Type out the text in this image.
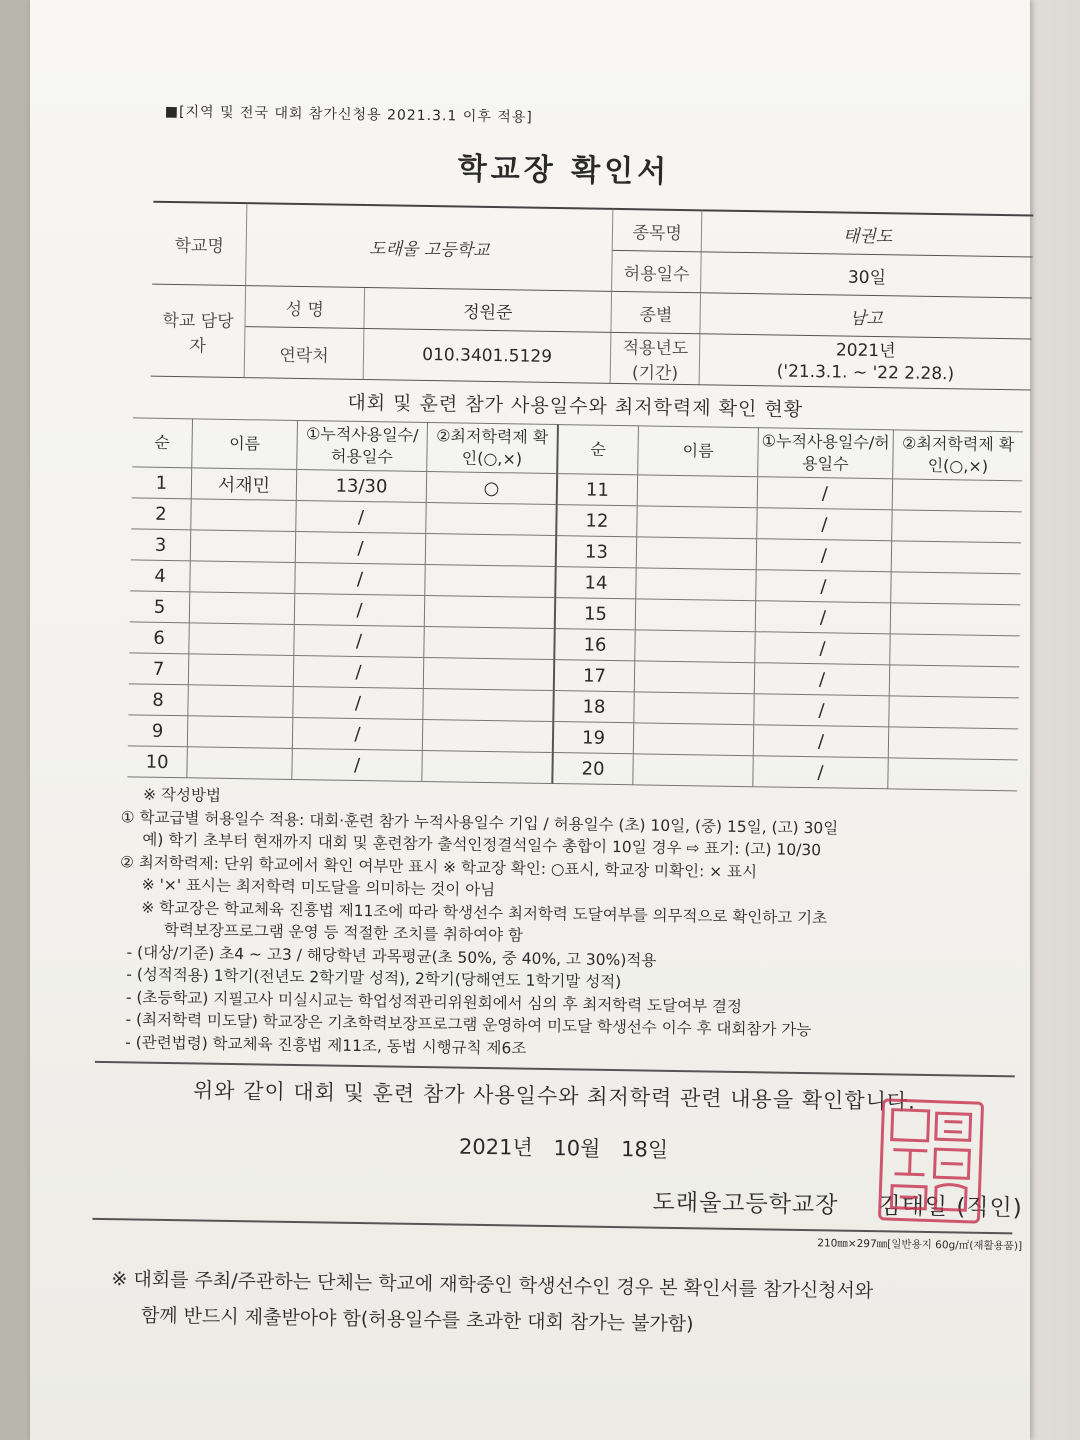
■[지역 및 전국 대회 참가신청용 2021.3.1 이후 적용]
학교장 확인서
학교명	도래울 고등학교		종목명	태권도
			허용일수	30일
학교 담당자	성 명	정원준	종별	남고
	연락처	010.3401.5129	적용년도 (기간)	2021년
('21.3.1. ~ '22 2.28.)
대회 및 훈련 참가 사용일수와 최저학력제 확인 현황
순	이름	①누적사용일수/허용일수	②최저학력제 확인(○,×)	순	이름	①누적사용일수/허용일수	②최저학력제 확인(○,×)
1	서재민	13/30	○	11		/	
2		/		12		/	
3		/		13		/	
4		/		14		/	
5		/		15		/	
6		/		16		/	
7		/		17		/	
8		/		18		/	
9		/		19		/	
10		/		20		/	
※ 작성방법
① 학교급별 허용일수 적용: 대회·훈련 참가 누적사용일수 기입 / 허용일수 (초) 10일, (중) 15일, (고) 30일
예) 학기 초부터 현재까지 대회 및 훈련참가 출석인정결석일수 총합이 10일 경우 ⇨ 표기: (고) 10/30
② 최저학력제: 단위 학교에서 확인 여부만 표시 ※ 학교장 확인: ○표시, 학교장 미확인: × 표시
※ '×' 표시는 최저학력 미도달을 의미하는 것이 아님
※ 학교장은 학교체육 진흥법 제11조에 따라 학생선수 최저학력 도달여부를 의무적으로 확인하고 기초
학력보장프로그램 운영 등 적절한 조치를 취하여야 함
- (대상/기준) 초4 ~ 고3 / 해당학년 과목평균(초 50%, 중 40%, 고 30%)적용
- (성적적용) 1학기(전년도 2학기말 성적), 2학기(당해연도 1학기말 성적)
- (초등학교) 지필고사 미실시교는 학업성적관리위원회에서 심의 후 최저학력 도달여부 결정
- (최저학력 미도달) 학교장은 기초학력보장프로그램 운영하여 미도달 학생선수 이수 후 대회참가 가능
- (관련법령) 학교체육 진흥법 제11조, 동법 시행규칙 제6조
위와 같이 대회 및 훈련 참가 사용일수와 최저학력 관련 내용을 확인합니다.
2021년 10월 18일
도래울고등학교장 김태일 (직인)
210㎜×297㎜[일반용지 60g/㎡(재활용품)]
※ 대회를 주최/주관하는 단체는 학교에 재학중인 학생선수인 경우 본 확인서를 참가신청서와
함께 반드시 제출받아야 함(허용일수를 초과한 대회 참가는 불가함)
